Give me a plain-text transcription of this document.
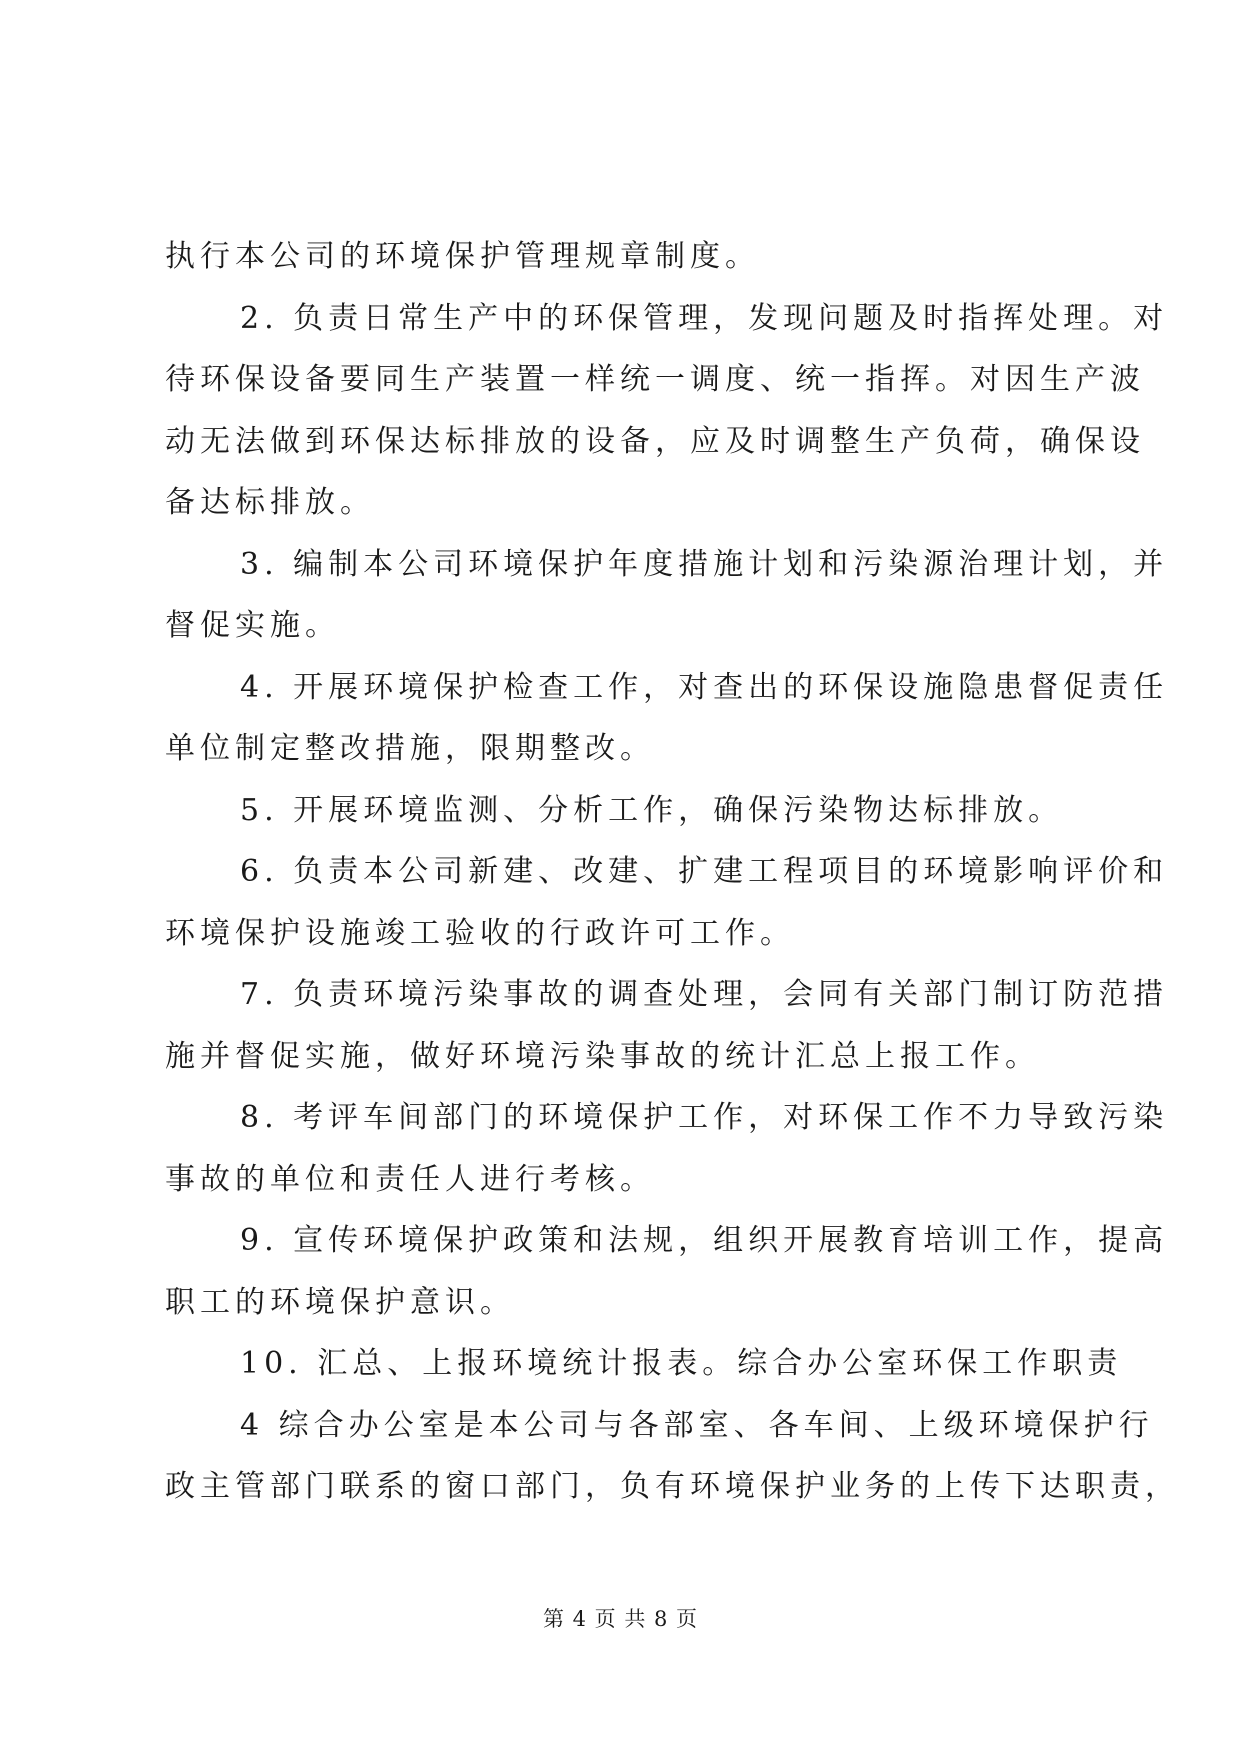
执行本公司的环境保护管理规章制度。
2. 负责日常生产中的环保管理，发现问题及时指挥处理。对
待环保设备要同生产装置一样统一调度、统一指挥。对因生产波
动无法做到环保达标排放的设备，应及时调整生产负荷，确保设
备达标排放。
3. 编制本公司环境保护年度措施计划和污染源治理计划，并
督促实施。
4. 开展环境保护检查工作，对查出的环保设施隐患督促责任
单位制定整改措施，限期整改。
5. 开展环境监测、分析工作，确保污染物达标排放。
6. 负责本公司新建、改建、扩建工程项目的环境影响评价和
环境保护设施竣工验收的行政许可工作。
7. 负责环境污染事故的调查处理，会同有关部门制订防范措
施并督促实施，做好环境污染事故的统计汇总上报工作。
8. 考评车间部门的环境保护工作，对环保工作不力导致污染
事故的单位和责任人进行考核。
9. 宣传环境保护政策和法规，组织开展教育培训工作，提高
职工的环境保护意识。
10. 汇总、上报环境统计报表。综合办公室环保工作职责
4 综合办公室是本公司与各部室、各车间、上级环境保护行
政主管部门联系的窗口部门，负有环境保护业务的上传下达职责，
第 4 页 共 8 页
